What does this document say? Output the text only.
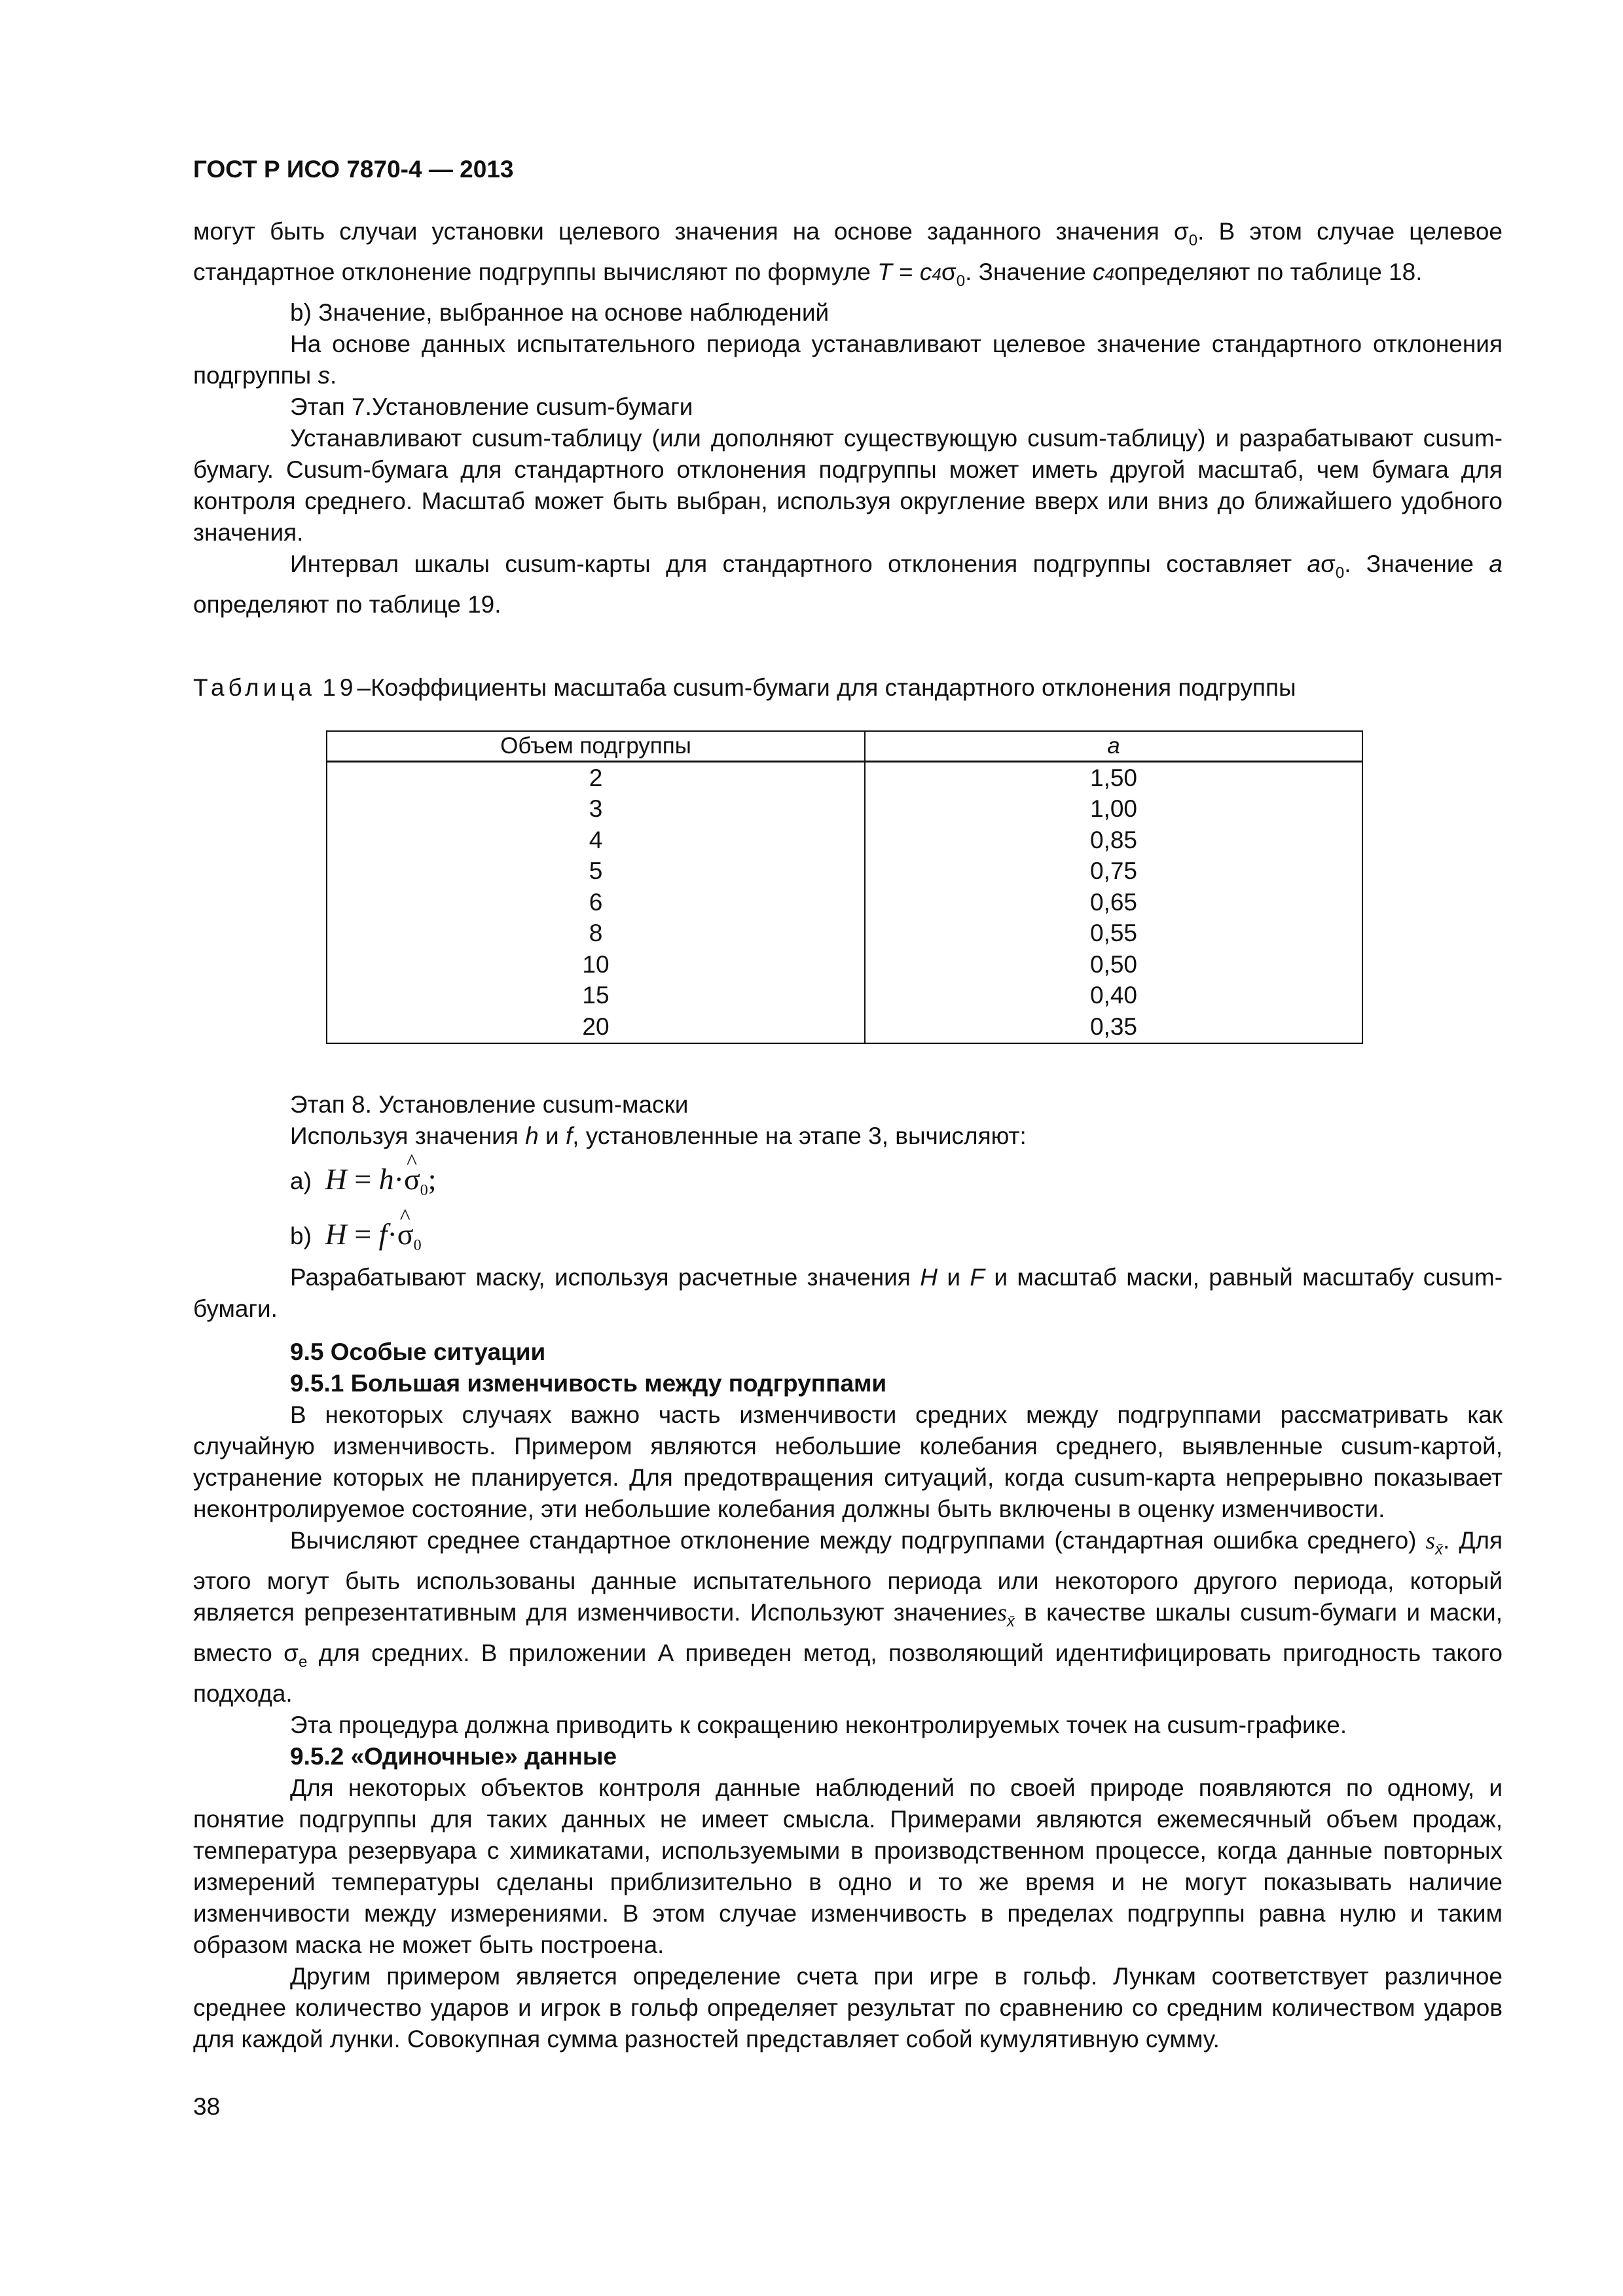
ГОСТ Р ИСО 7870-4 — 2013

могут быть случаи установки целевого значения на основе заданного значения $\sigma_0$. В этом случае целевое стандартное отклонение подгруппы вычисляют по формуле $T = c4\sigma_0$. Значение c4определяют по таблице 18.

b) Значение, выбранное на основе наблюдений

На основе данных испытательного периода устанавливают целевое значение стандартного отклонения подгруппы s.

Этап 7.Установление cusum-бумаги

Устанавливают cusum-таблицу (или дополняют существующую cusum-таблицу) и разрабатывают cusum-бумагу. Cusum-бумага для стандартного отклонения подгруппы может иметь другой масштаб, чем бумага для контроля среднего. Масштаб может быть выбран, используя округление вверх или вниз до ближайшего удобного значения.

Интервал шкалы cusum-карты для стандартного отклонения подгруппы составляет $a\sigma_0$. Значение a определяют по таблице 19.

Таблица 19–Коэффициенты масштаба cusum-бумаги для стандартного отклонения подгруппы
Объем подгруппы	a
2	1,50
3	1,00
4	0,85
5	0,75
6	0,65
8	0,55
10	0,50
15	0,40
20	0,35
Этап 8. Установление cusum-маски
Используя значения h и f, установленные на этапе 3, вычисляют:
a) H = h·^ $\sigma_0$;
b) H = f·^ $\sigma_0$

Разрабатывают маску, используя расчетные значения H и F и масштаб маски, равный масштабу cusum-бумаги.

9.5 Особые ситуации
9.5.1 Большая изменчивость между подгруппами

В некоторых случаях важно часть изменчивости средних между подгруппами рассматривать как случайную изменчивость. Примером являются небольшие колебания среднего, выявленные cusum-картой, устранение которых не планируется. Для предотвращения ситуаций, когда cusum-карта непрерывно показывает неконтролируемое состояние, эти небольшие колебания должны быть включены в оценку изменчивости.

Вычисляют среднее стандартное отклонение между подгруппами (стандартная ошибка среднего) $s_{x̄}$. Для этого могут быть использованы данные испытательного периода или некоторого другого периода, который является репрезентативным для изменчивости. Используют значениеs$_{x̄}$ в качестве шкалы cusum-бумаги и маски, вместо $\sigma_e$ для средних. В приложении А приведен метод, позволяющий идентифицировать пригодность такого подхода.

Эта процедура должна приводить к сокращению неконтролируемых точек на cusum-графике.

9.5.2 «Одиночные» данные

Для некоторых объектов контроля данные наблюдений по своей природе появляются по одному, и понятие подгруппы для таких данных не имеет смысла. Примерами являются ежемесячный объем продаж, температура резервуара с химикатами, используемыми в производственном процессе, когда данные повторных измерений температуры сделаны приблизительно в одно и то же время и не могут показывать наличие изменчивости между измерениями. В этом случае изменчивость в пределах подгруппы равна нулю и таким образом маска не может быть построена.

Другим примером является определение счета при игре в гольф. Лункам соответствует различное среднее количество ударов и игрок в гольф определяет результат по сравнению со средним количеством ударов для каждой лунки. Совокупная сумма разностей представляет собой кумулятивную сумму.

38
